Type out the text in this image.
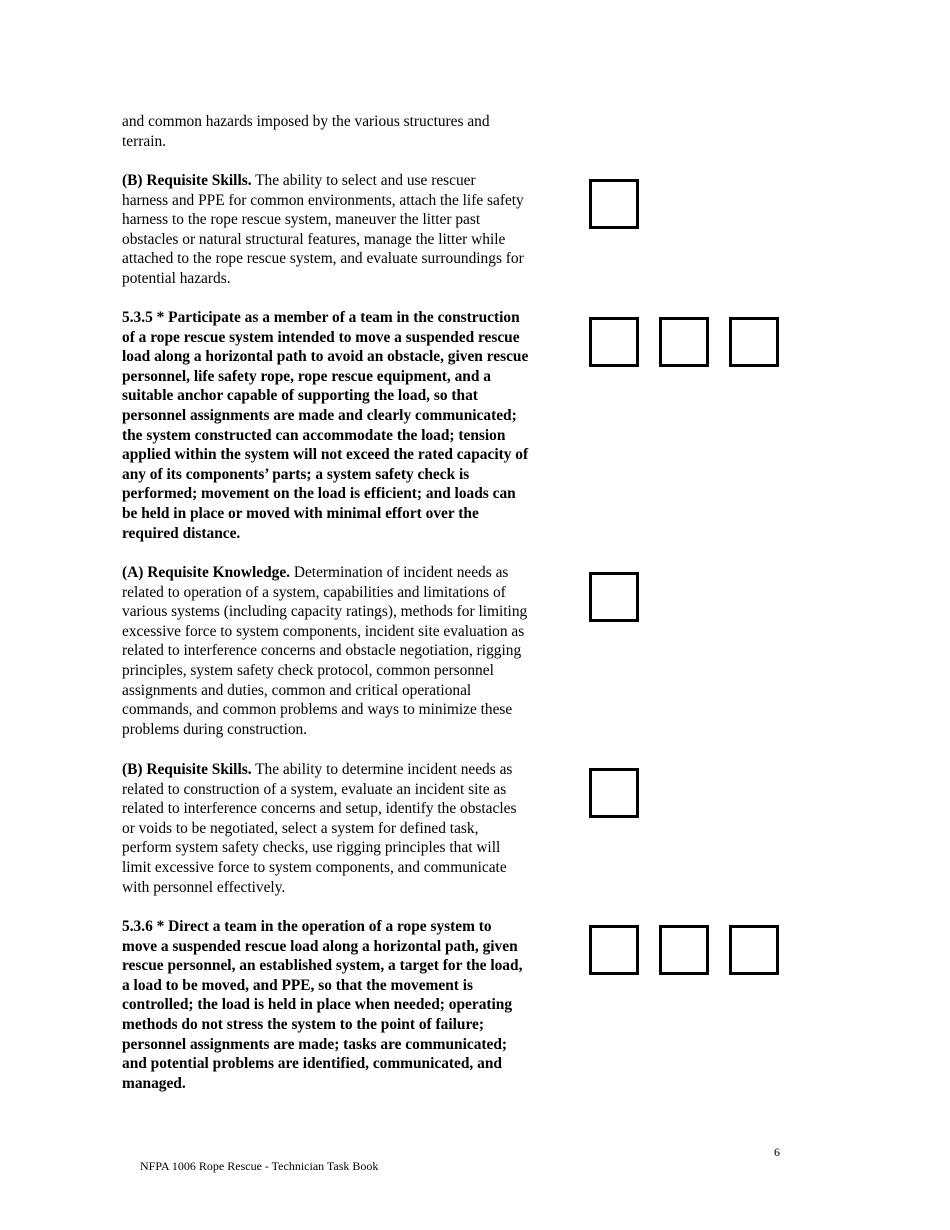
and common hazards imposed by the various structures and
terrain.

(B) Requisite Skills. The ability to select and use rescuer
harness and PPE for common environments, attach the life safety
harness to the rope rescue system, maneuver the litter past
obstacles or natural structural features, manage the litter while
attached to the rope rescue system, and evaluate surroundings for
potential hazards.

5.3.5 * Participate as a member of a team in the construction
of a rope rescue system intended to move a suspended rescue
load along a horizontal path to avoid an obstacle, given rescue
personnel, life safety rope, rope rescue equipment, and a
suitable anchor capable of supporting the load, so that
personnel assignments are made and clearly communicated;
the system constructed can accommodate the load; tension
applied within the system will not exceed the rated capacity of
any of its components’ parts; a system safety check is
performed; movement on the load is efficient; and loads can
be held in place or moved with minimal effort over the
required distance.

(A) Requisite Knowledge. Determination of incident needs as
related to operation of a system, capabilities and limitations of
various systems (including capacity ratings), methods for limiting
excessive force to system components, incident site evaluation as
related to interference concerns and obstacle negotiation, rigging
principles, system safety check protocol, common personnel
assignments and duties, common and critical operational
commands, and common problems and ways to minimize these
problems during construction.

(B) Requisite Skills. The ability to determine incident needs as
related to construction of a system, evaluate an incident site as
related to interference concerns and setup, identify the obstacles
or voids to be negotiated, select a system for defined task,
perform system safety checks, use rigging principles that will
limit excessive force to system components, and communicate
with personnel effectively.

5.3.6 * Direct a team in the operation of a rope system to
move a suspended rescue load along a horizontal path, given
rescue personnel, an established system, a target for the load,
a load to be moved, and PPE, so that the movement is
controlled; the load is held in place when needed; operating
methods do not stress the system to the point of failure;
personnel assignments are made; tasks are communicated;
and potential problems are identified, communicated, and
managed.

6
NFPA 1006 Rope Rescue - Technician Task Book
